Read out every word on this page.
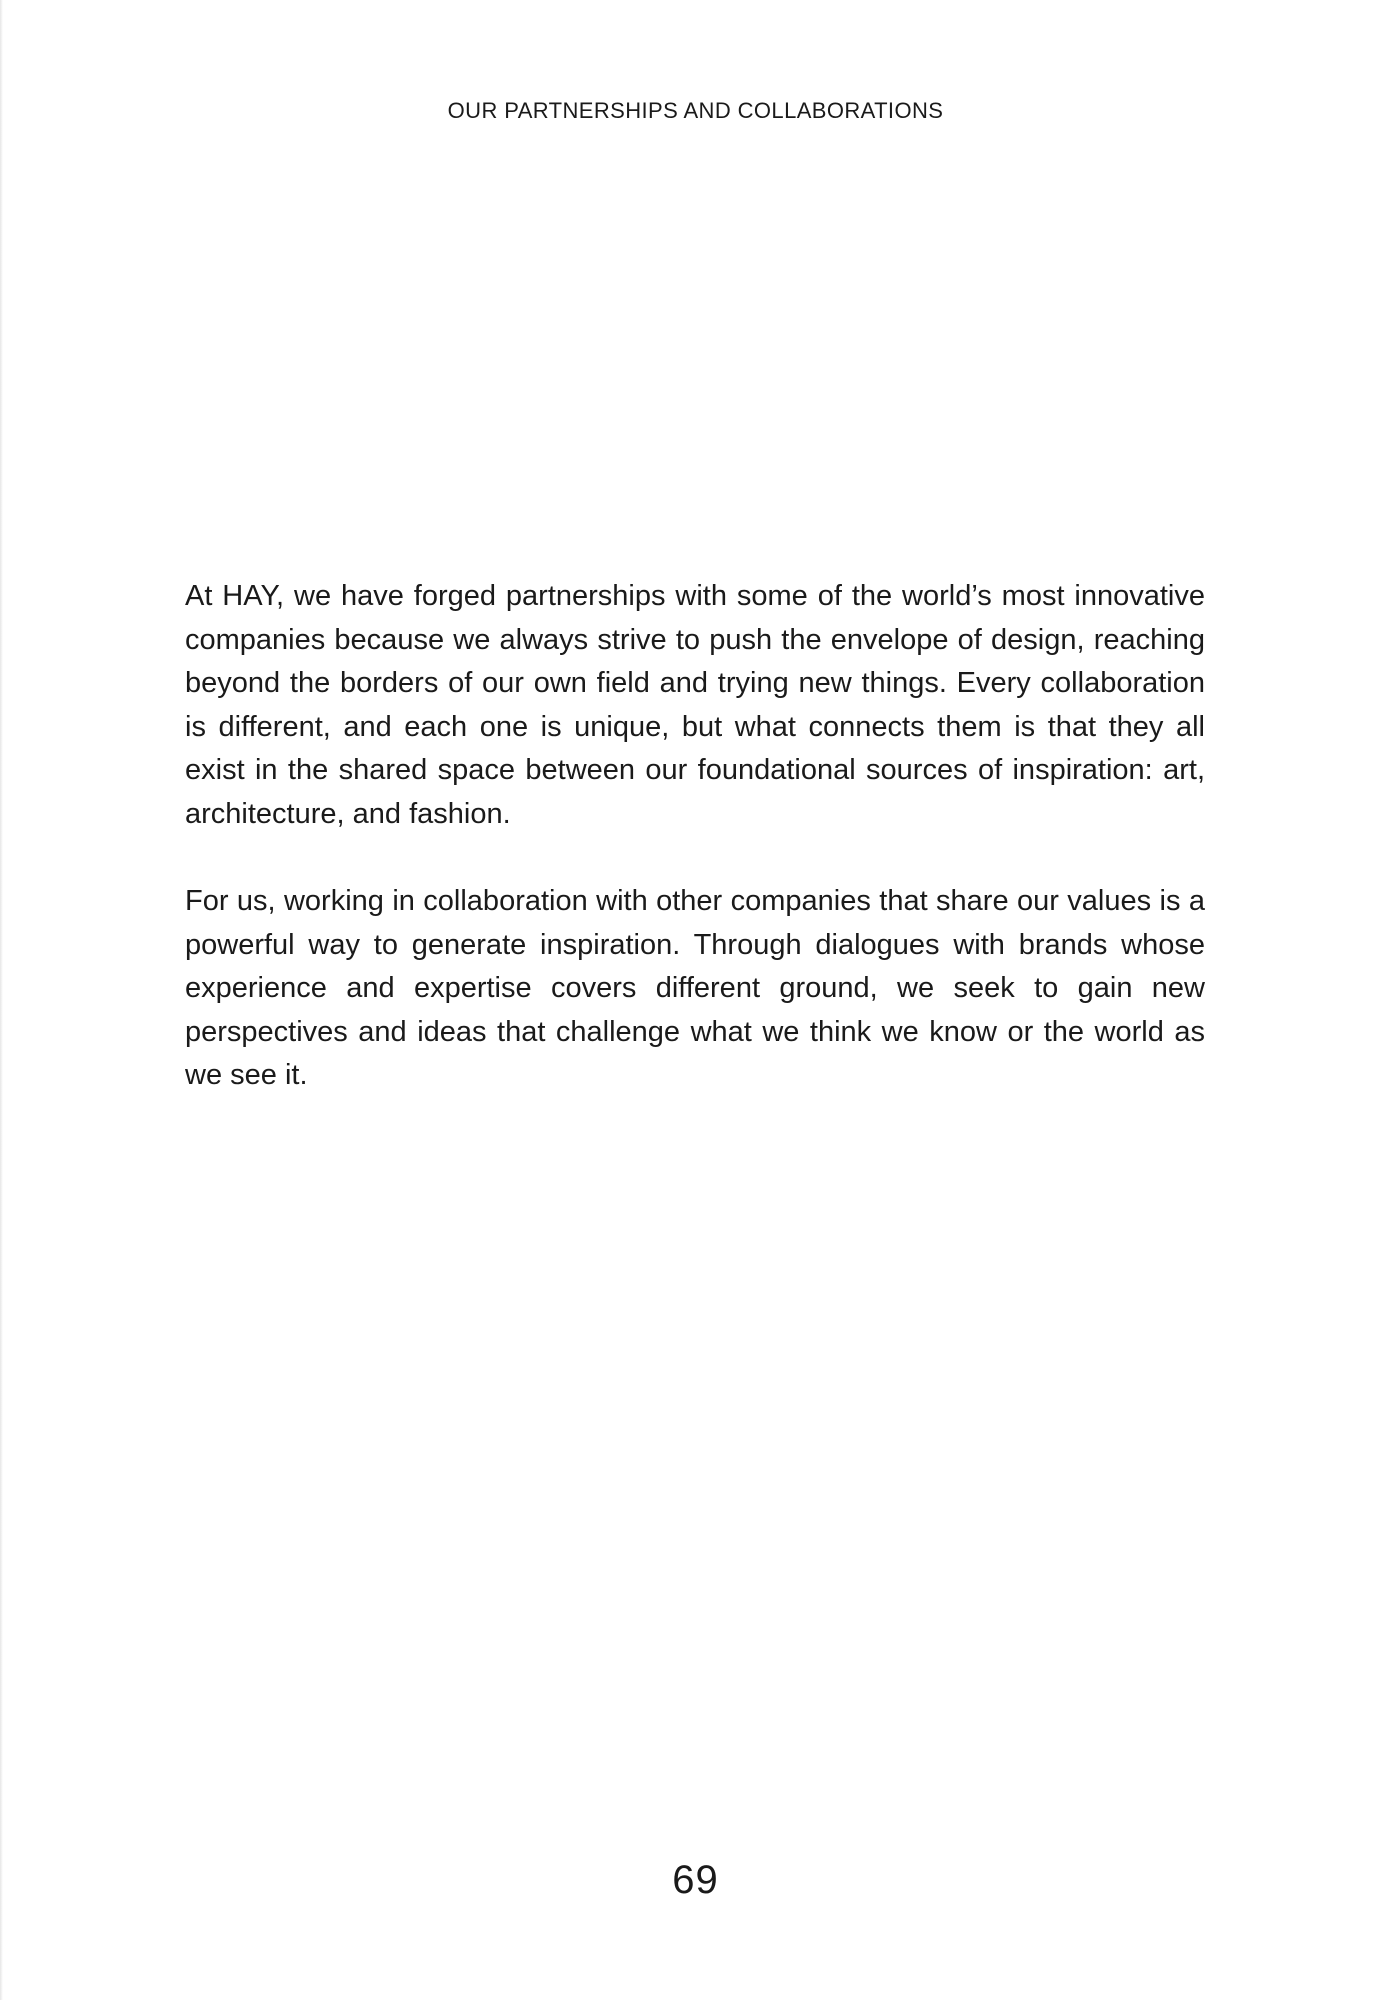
OUR PARTNERSHIPS AND COLLABORATIONS

At HAY, we have forged partnerships with some of the world’s most innovative companies because we always strive to push the envelope of design, reaching beyond the borders of our own field and trying new things. Every collaboration is different, and each one is unique, but what connects them is that they all exist in the shared space between our foundational sources of inspiration: art, architecture, and fashion.

For us, working in collaboration with other companies that share our values is a powerful way to generate inspiration. Through dialogues with brands whose experience and expertise covers different ground, we seek to gain new perspectives and ideas that challenge what we think we know or the world as we see it.

69
